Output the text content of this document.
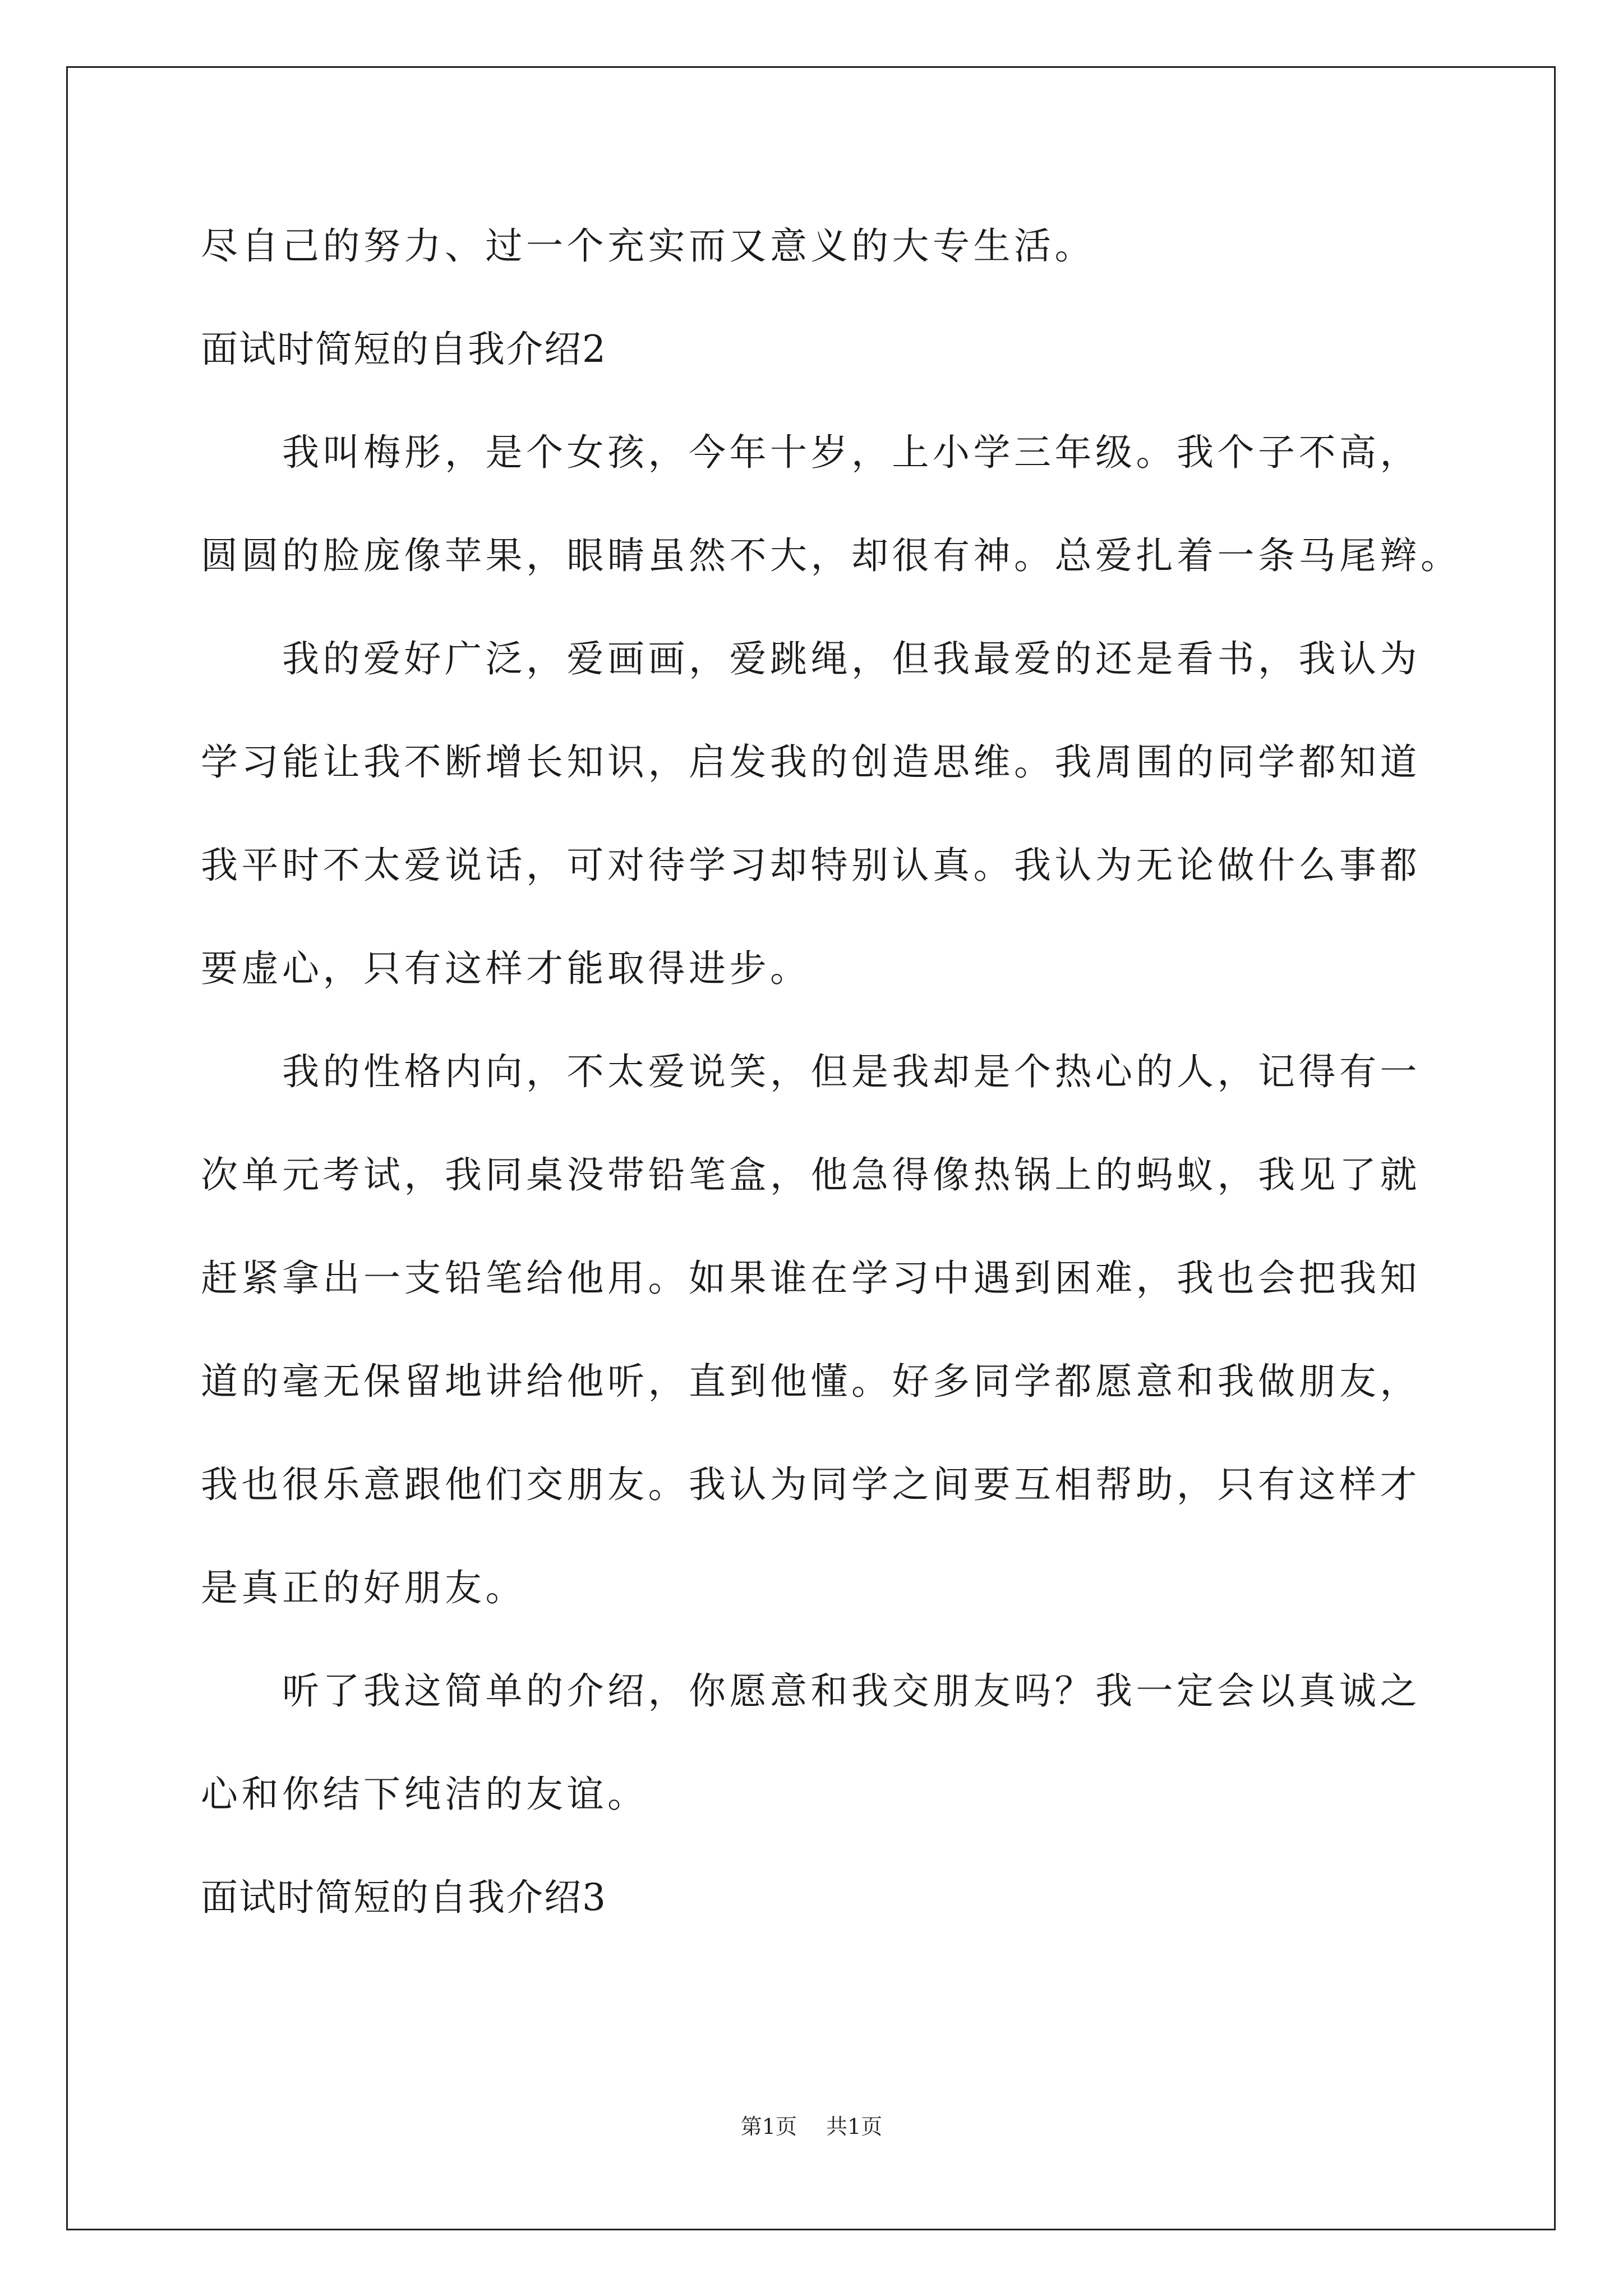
尽自己的努力、过一个充实而又意义的大专生活。
面试时简短的自我介绍2
　　我叫梅彤，是个女孩，今年十岁，上小学三年级。我个子不高，
圆圆的脸庞像苹果，眼睛虽然不大，却很有神。总爱扎着一条马尾辫。
　　我的爱好广泛，爱画画，爱跳绳，但我最爱的还是看书，我认为
学习能让我不断增长知识，启发我的创造思维。我周围的同学都知道
我平时不太爱说话，可对待学习却特别认真。我认为无论做什么事都
要虚心，只有这样才能取得进步。
　　我的性格内向，不太爱说笑，但是我却是个热心的人，记得有一
次单元考试，我同桌没带铅笔盒，他急得像热锅上的蚂蚁，我见了就
赶紧拿出一支铅笔给他用。如果谁在学习中遇到困难，我也会把我知
道的毫无保留地讲给他听，直到他懂。好多同学都愿意和我做朋友，
我也很乐意跟他们交朋友。我认为同学之间要互相帮助，只有这样才
是真正的好朋友。
　　听了我这简单的介绍，你愿意和我交朋友吗？我一定会以真诚之
心和你结下纯洁的友谊。
面试时简短的自我介绍3
第1页 共1页
